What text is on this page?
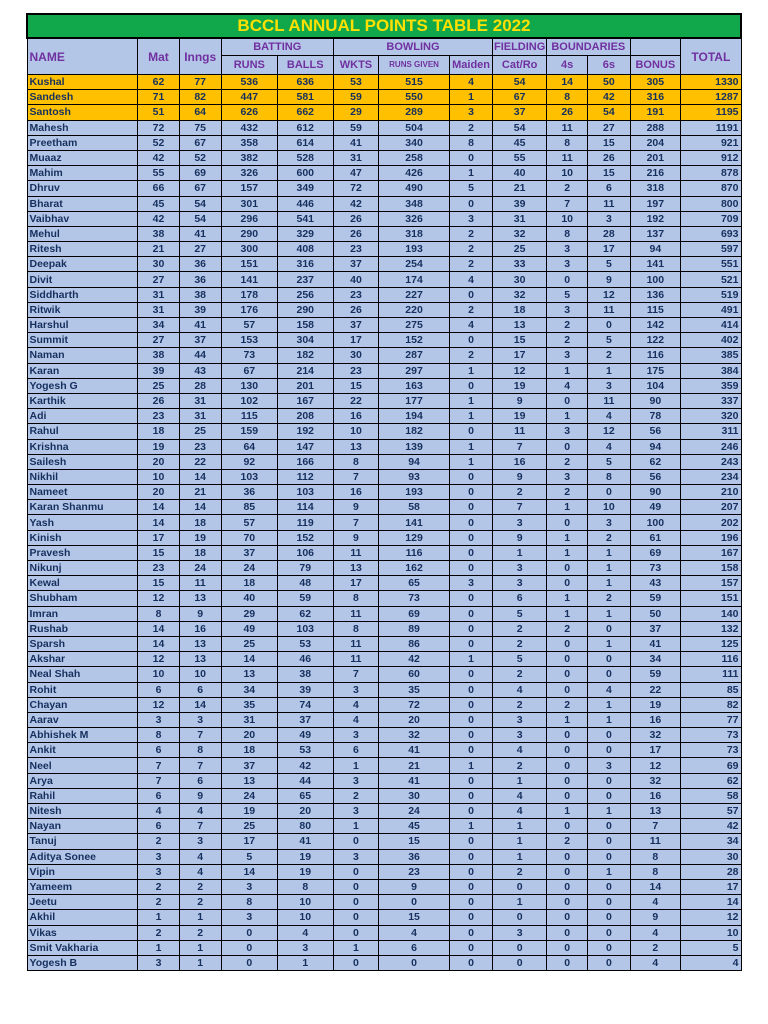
BCCL ANNUAL POINTS TABLE 2022												
NAME	Mat	Inngs	BATTING		BOWLING			FIELDING	BOUNDARIES			TOTAL
			RUNS	BALLS	WKTS	RUNS GIVEN	Maiden	Cat/Ro	4s	6s	BONUS	
Kushal	62	77	536	636	53	515	4	54	14	50	305	1330
Sandesh	71	82	447	581	59	550	1	67	8	42	316	1287
Santosh	51	64	626	662	29	289	3	37	26	54	191	1195
Mahesh	72	75	432	612	59	504	2	54	11	27	288	1191
Preetham	52	67	358	614	41	340	8	45	8	15	204	921
Muaaz	42	52	382	528	31	258	0	55	11	26	201	912
Mahim	55	69	326	600	47	426	1	40	10	15	216	878
Dhruv	66	67	157	349	72	490	5	21	2	6	318	870
Bharat	45	54	301	446	42	348	0	39	7	11	197	800
Vaibhav	42	54	296	541	26	326	3	31	10	3	192	709
Mehul	38	41	290	329	26	318	2	32	8	28	137	693
Ritesh	21	27	300	408	23	193	2	25	3	17	94	597
Deepak	30	36	151	316	37	254	2	33	3	5	141	551
Divit	27	36	141	237	40	174	4	30	0	9	100	521
Siddharth	31	38	178	256	23	227	0	32	5	12	136	519
Ritwik	31	39	176	290	26	220	2	18	3	11	115	491
Harshul	34	41	57	158	37	275	4	13	2	0	142	414
Summit	27	37	153	304	17	152	0	15	2	5	122	402
Naman	38	44	73	182	30	287	2	17	3	2	116	385
Karan	39	43	67	214	23	297	1	12	1	1	175	384
Yogesh G	25	28	130	201	15	163	0	19	4	3	104	359
Karthik	26	31	102	167	22	177	1	9	0	11	90	337
Adi	23	31	115	208	16	194	1	19	1	4	78	320
Rahul	18	25	159	192	10	182	0	11	3	12	56	311
Krishna	19	23	64	147	13	139	1	7	0	4	94	246
Sailesh	20	22	92	166	8	94	1	16	2	5	62	243
Nikhil	10	14	103	112	7	93	0	9	3	8	56	234
Nameet	20	21	36	103	16	193	0	2	2	0	90	210
Karan Shanmu	14	14	85	114	9	58	0	7	1	10	49	207
Yash	14	18	57	119	7	141	0	3	0	3	100	202
Kinish	17	19	70	152	9	129	0	9	1	2	61	196
Pravesh	15	18	37	106	11	116	0	1	1	1	69	167
Nikunj	23	24	24	79	13	162	0	3	0	1	73	158
Kewal	15	11	18	48	17	65	3	3	0	1	43	157
Shubham	12	13	40	59	8	73	0	6	1	2	59	151
Imran	8	9	29	62	11	69	0	5	1	1	50	140
Rushab	14	16	49	103	8	89	0	2	2	0	37	132
Sparsh	14	13	25	53	11	86	0	2	0	1	41	125
Akshar	12	13	14	46	11	42	1	5	0	0	34	116
Neal Shah	10	10	13	38	7	60	0	2	0	0	59	111
Rohit	6	6	34	39	3	35	0	4	0	4	22	85
Chayan	12	14	35	74	4	72	0	2	2	1	19	82
Aarav	3	3	31	37	4	20	0	3	1	1	16	77
Abhishek M	8	7	20	49	3	32	0	3	0	0	32	73
Ankit	6	8	18	53	6	41	0	4	0	0	17	73
Neel	7	7	37	42	1	21	1	2	0	3	12	69
Arya	7	6	13	44	3	41	0	1	0	0	32	62
Rahil	6	9	24	65	2	30	0	4	0	0	16	58
Nitesh	4	4	19	20	3	24	0	4	1	1	13	57
Nayan	6	7	25	80	1	45	1	1	0	0	7	42
Tanuj	2	3	17	41	0	15	0	1	2	0	11	34
Aditya Sonee	3	4	5	19	3	36	0	1	0	0	8	30
Vipin	3	4	14	19	0	23	0	2	0	1	8	28
Yameem	2	2	3	8	0	9	0	0	0	0	14	17
Jeetu	2	2	8	10	0	0	0	1	0	0	4	14
Akhil	1	1	3	10	0	15	0	0	0	0	9	12
Vikas	2	2	0	4	0	4	0	3	0	0	4	10
Smit Vakharia	1	1	0	3	1	6	0	0	0	0	2	5
Yogesh B	3	1	0	1	0	0	0	0	0	0	4	4
